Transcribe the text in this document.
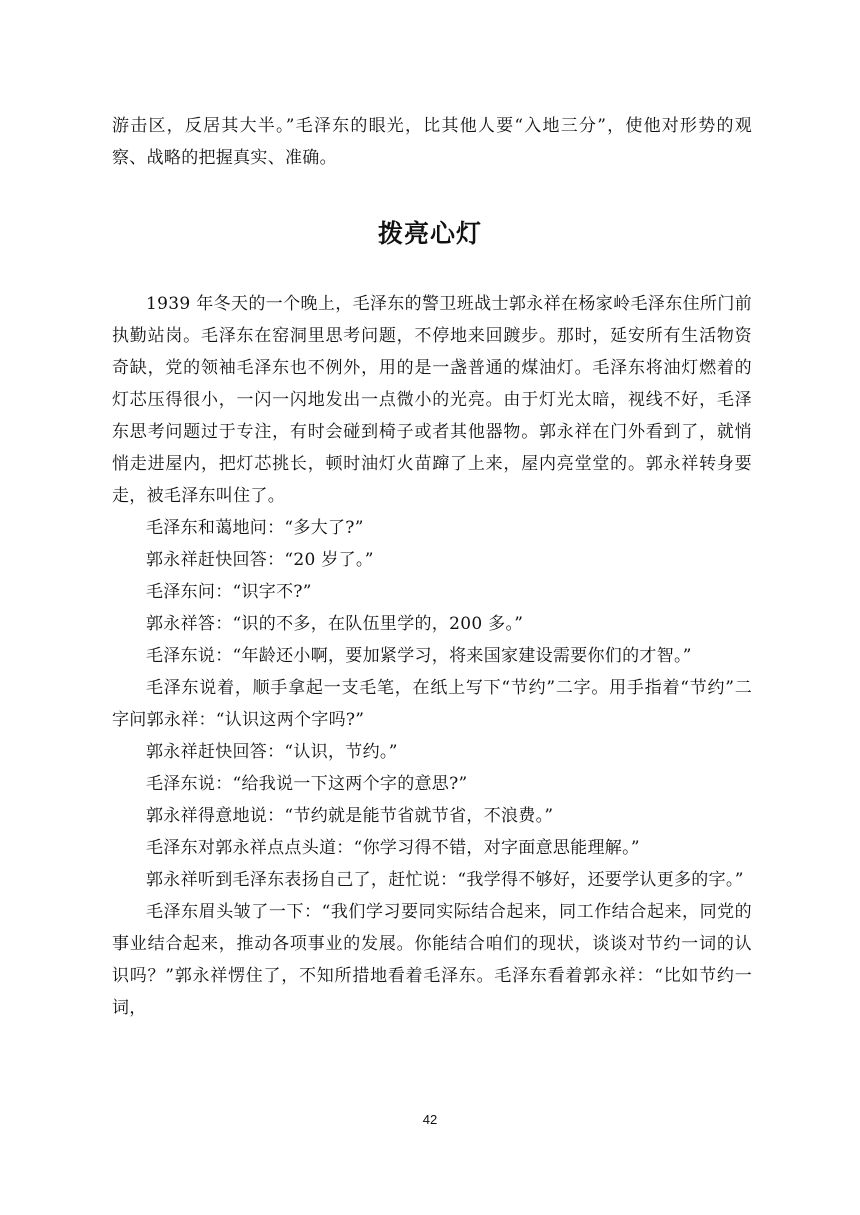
游击区，反居其大半。”毛泽东的眼光，比其他人要“入地三分”，使他对形势的观察、战略的把握真实、准确。

拨亮心灯

1939 年冬天的一个晚上，毛泽东的警卫班战士郭永祥在杨家岭毛泽东住所门前执勤站岗。毛泽东在窑洞里思考问题，不停地来回踱步。那时，延安所有生活物资奇缺，党的领袖毛泽东也不例外，用的是一盏普通的煤油灯。毛泽东将油灯燃着的灯芯压得很小，一闪一闪地发出一点微小的光亮。由于灯光太暗，视线不好，毛泽东思考问题过于专注，有时会碰到椅子或者其他器物。郭永祥在门外看到了，就悄悄走进屋内，把灯芯挑长，顿时油灯火苗蹿了上来，屋内亮堂堂的。郭永祥转身要走，被毛泽东叫住了。

毛泽东和蔼地问：“多大了?”

郭永祥赶快回答：“20 岁了。”

毛泽东问：“识字不?”

郭永祥答：“识的不多，在队伍里学的，200 多。”

毛泽东说：“年龄还小啊，要加紧学习，将来国家建设需要你们的才智。”

毛泽东说着，顺手拿起一支毛笔，在纸上写下“节约”二字。用手指着“节约”二字问郭永祥：“认识这两个字吗?”

郭永祥赶快回答：“认识，节约。”

毛泽东说：“给我说一下这两个字的意思?”

郭永祥得意地说：“节约就是能节省就节省，不浪费。”

毛泽东对郭永祥点点头道：“你学习得不错，对字面意思能理解。”

郭永祥听到毛泽东表扬自己了，赶忙说：“我学得不够好，还要学认更多的字。”

毛泽东眉头皱了一下：“我们学习要同实际结合起来，同工作结合起来，同党的事业结合起来，推动各项事业的发展。你能结合咱们的现状，谈谈对节约一词的认识吗？”郭永祥愣住了，不知所措地看着毛泽东。毛泽东看着郭永祥：“比如节约一词，

42
